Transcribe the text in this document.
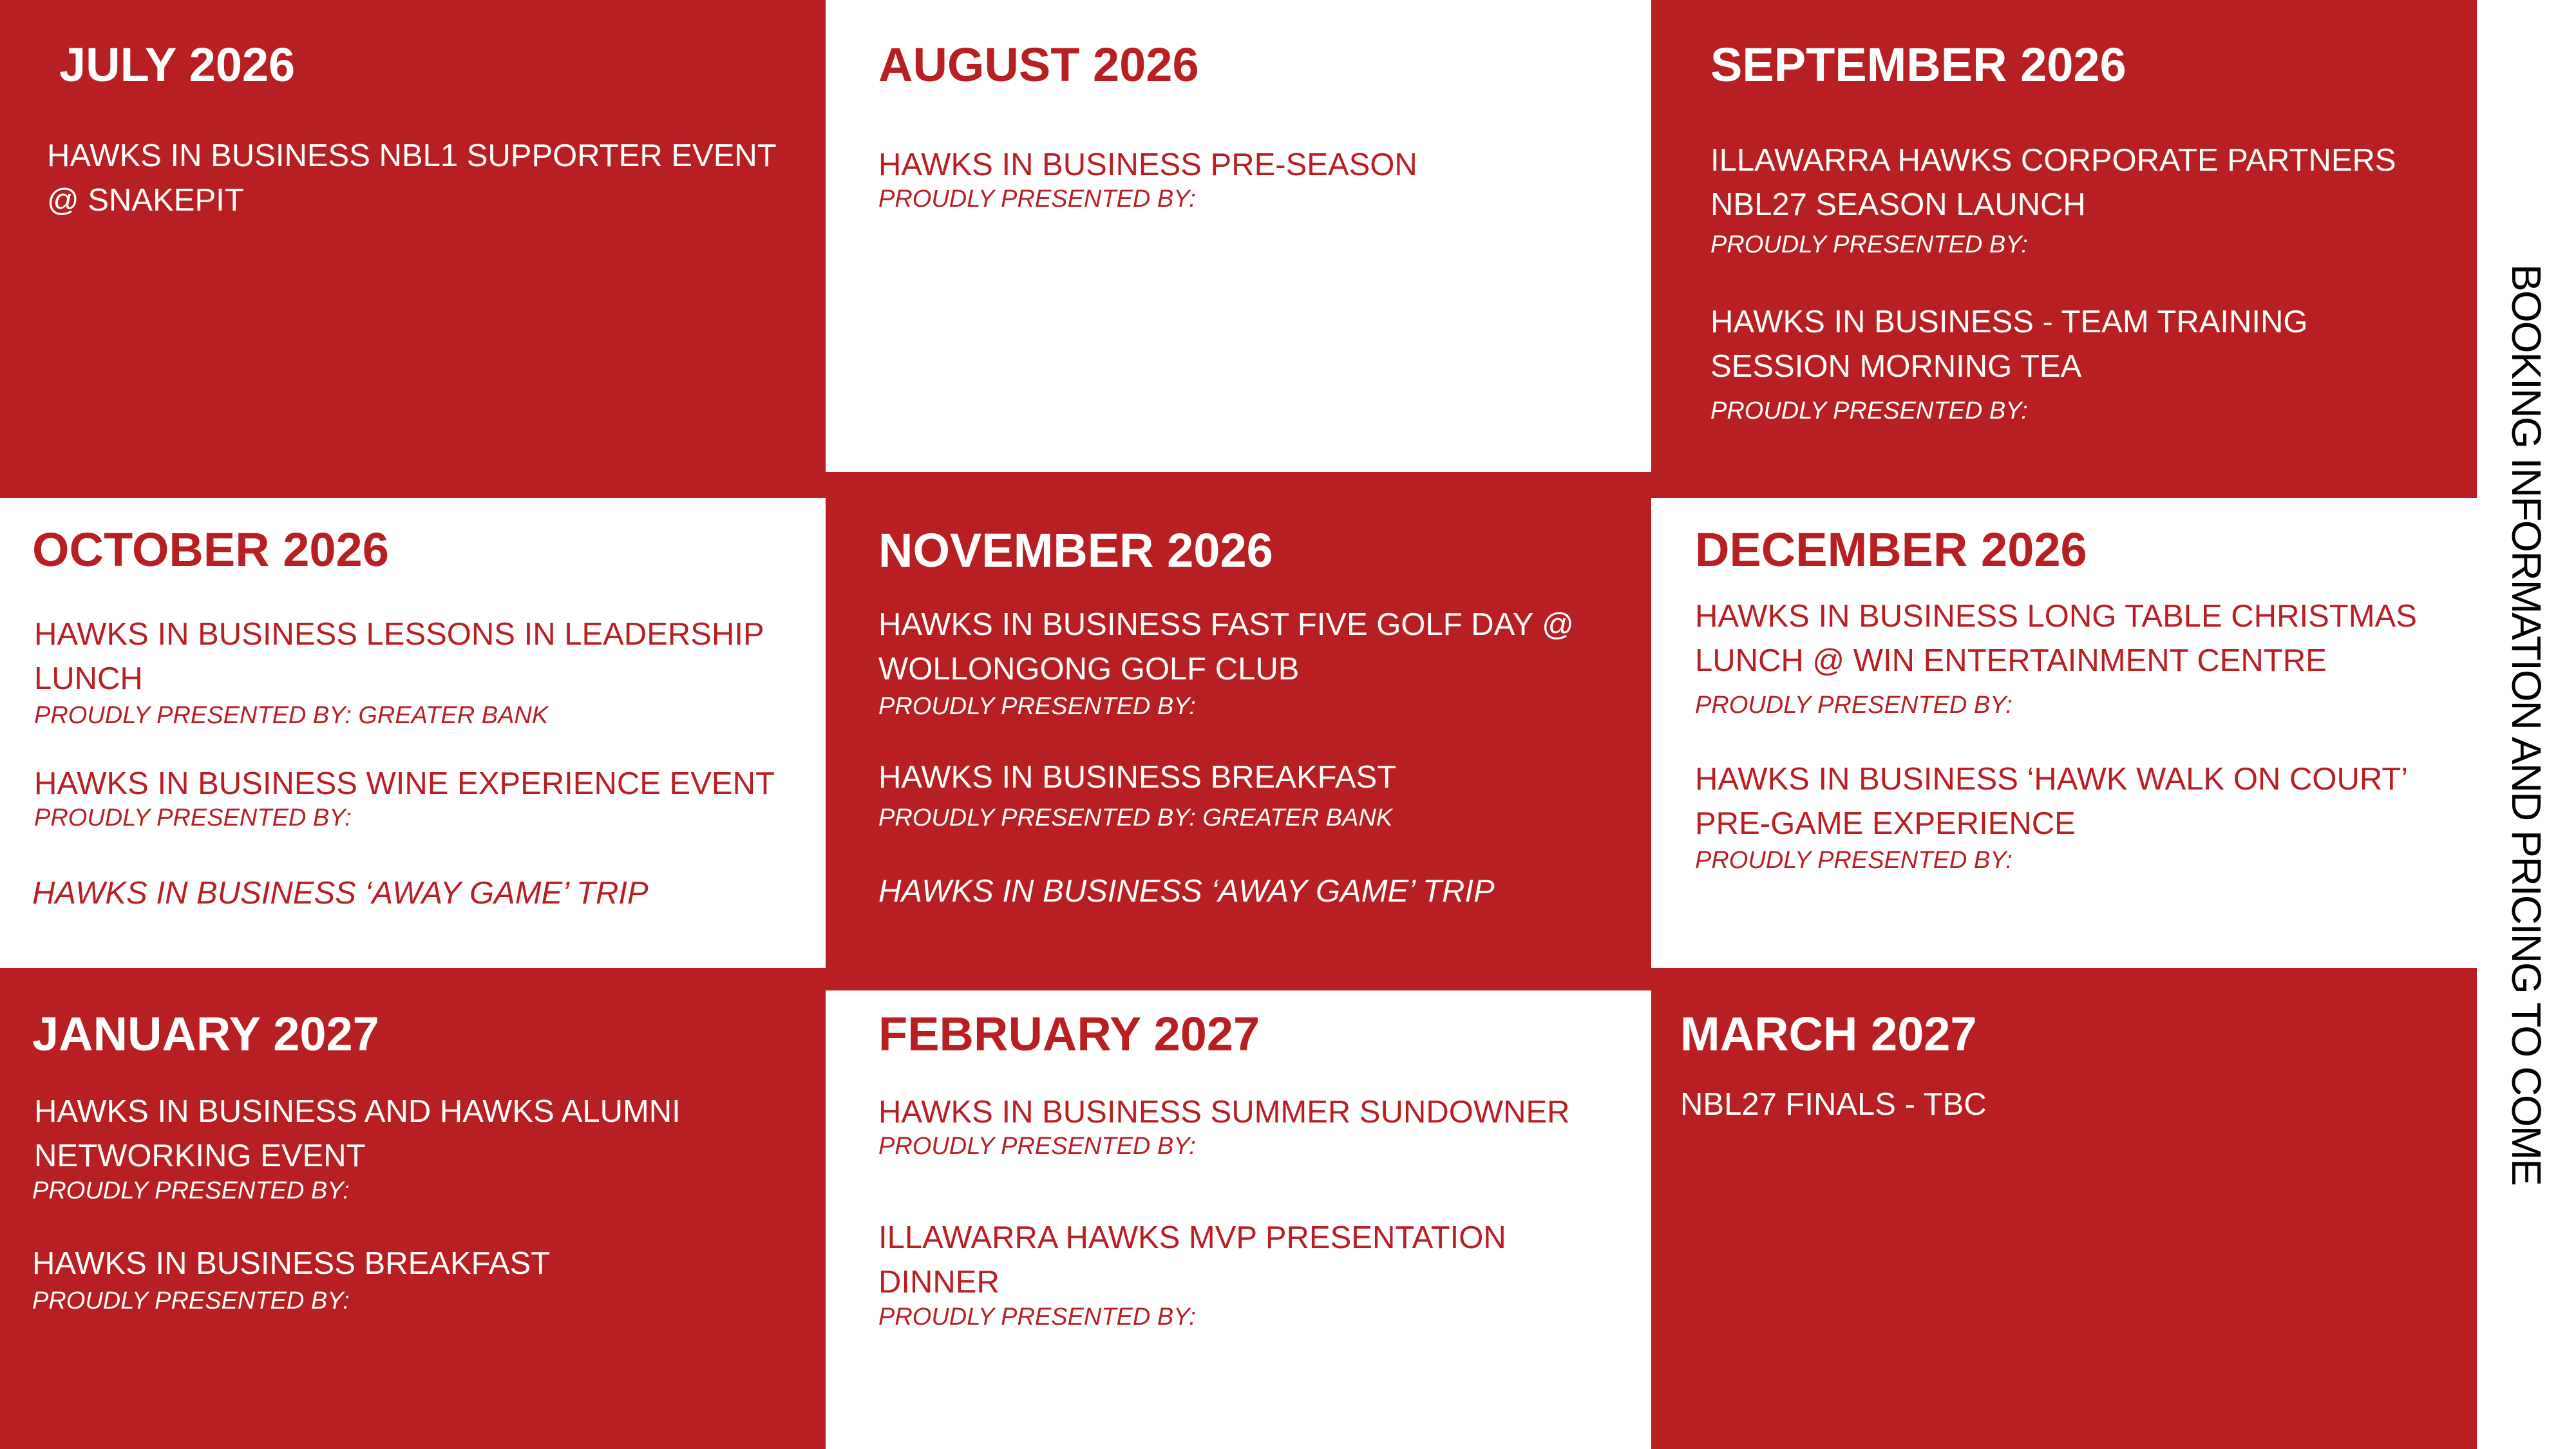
JULY 2026

HAWKS IN BUSINESS NBL1 SUPPORTER EVENT @ SNAKEPIT

AUGUST 2026

HAWKS IN BUSINESS PRE-SEASON

PROUDLY PRESENTED BY:

SEPTEMBER 2026

ILLAWARRA HAWKS CORPORATE PARTNERS NBL27 SEASON LAUNCH

PROUDLY PRESENTED BY:

HAWKS IN BUSINESS - TEAM TRAINING SESSION MORNING TEA

PROUDLY PRESENTED BY:

OCTOBER 2026

HAWKS IN BUSINESS LESSONS IN LEADERSHIP LUNCH

PROUDLY PRESENTED BY: GREATER BANK

HAWKS IN BUSINESS WINE EXPERIENCE EVENT

PROUDLY PRESENTED BY:

HAWKS IN BUSINESS ‘AWAY GAME’ TRIP

NOVEMBER 2026

HAWKS IN BUSINESS FAST FIVE GOLF DAY @ WOLLONGONG GOLF CLUB

PROUDLY PRESENTED BY:

HAWKS IN BUSINESS BREAKFAST

PROUDLY PRESENTED BY: GREATER BANK

HAWKS IN BUSINESS ‘AWAY GAME’ TRIP

DECEMBER 2026

HAWKS IN BUSINESS LONG TABLE CHRISTMAS LUNCH @ WIN ENTERTAINMENT CENTRE

PROUDLY PRESENTED BY:

HAWKS IN BUSINESS ‘HAWK WALK ON COURT’ PRE-GAME EXPERIENCE

PROUDLY PRESENTED BY:

JANUARY 2027

HAWKS IN BUSINESS AND HAWKS ALUMNI NETWORKING EVENT

PROUDLY PRESENTED BY:

HAWKS IN BUSINESS BREAKFAST

PROUDLY PRESENTED BY:

FEBRUARY 2027

HAWKS IN BUSINESS SUMMER SUNDOWNER

PROUDLY PRESENTED BY:

ILLAWARRA HAWKS MVP PRESENTATION DINNER

PROUDLY PRESENTED BY:

MARCH 2027

NBL27 FINALS - TBC	BOOKING INFORMATION AND PRICING TO COME
